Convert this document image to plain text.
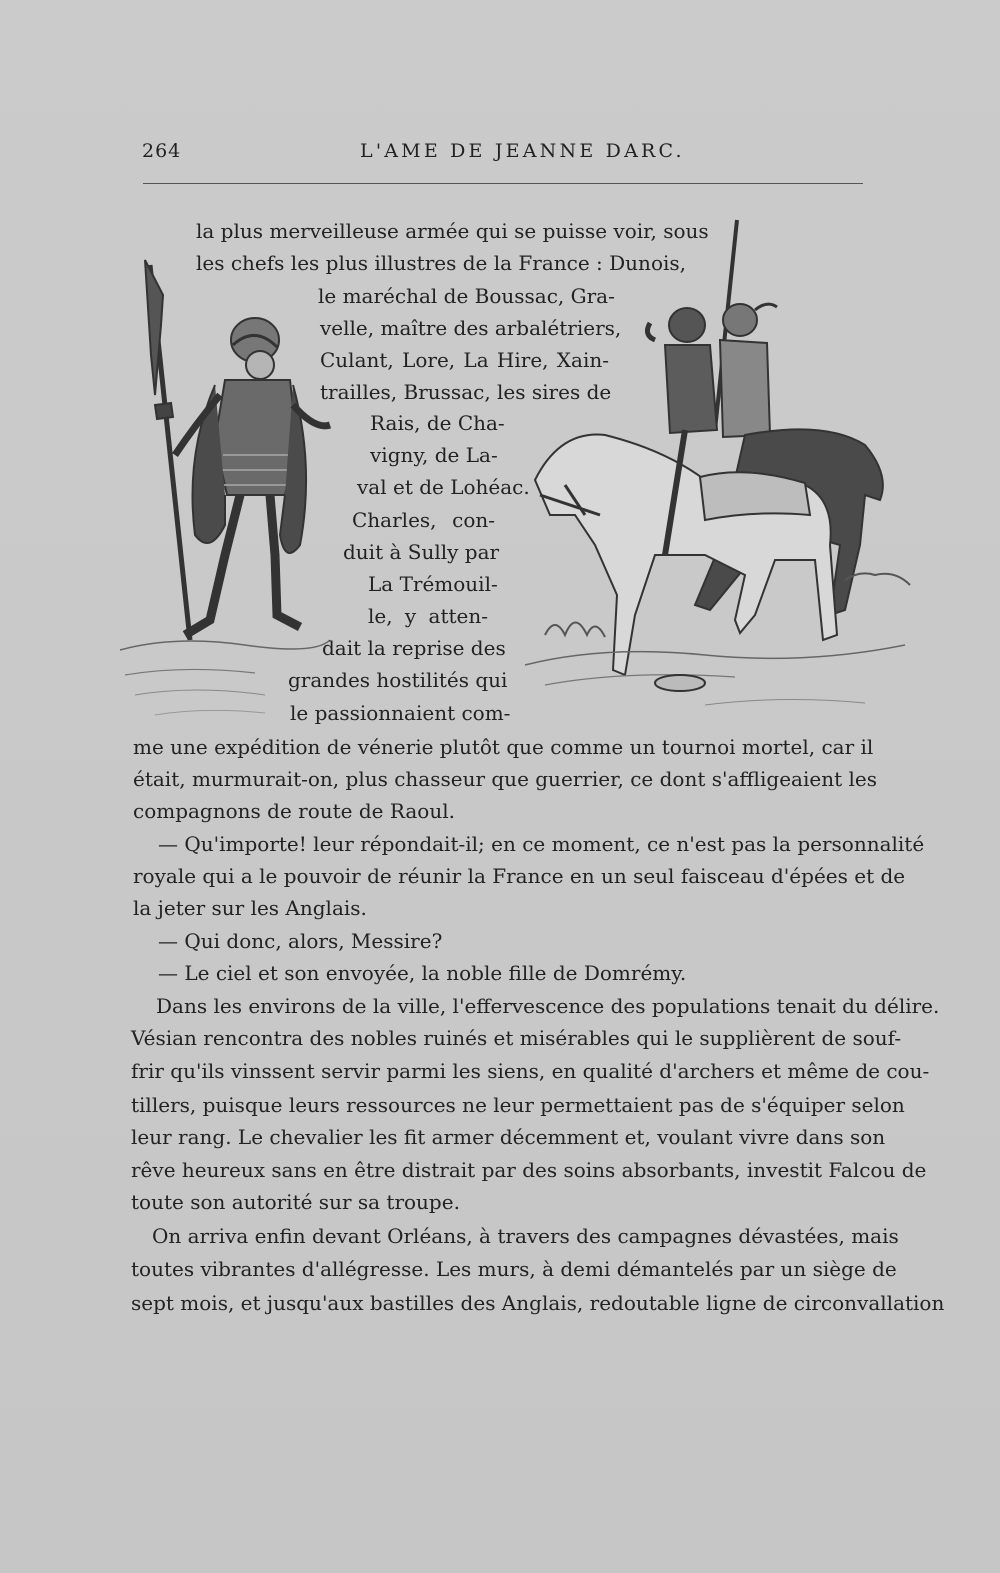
264	L'AME DE JEANNE DARC.
la plus merveilleuse armée qui se puisse voir, sous
les chefs les plus illustres de la France : Dunois,
le maréchal de Boussac, Gra-
velle, maître des arbalétriers,
Culant, Lore, La Hire, Xain-
trailles, Brussac, les sires de
Rais, de Cha-
vigny, de La-
val et de Lohéac.
Charles, con-
duit à Sully par
La Trémouil-
le, y atten-
dait la reprise des
grandes hostilités qui
le passionnaient com-
me une expédition de vénerie plutôt que comme un tournoi mortel, car il
était, murmurait-on, plus chasseur que guerrier, ce dont s'affligeaient les
compagnons de route de Raoul.
— Qu'importe! leur répondait-il; en ce moment, ce n'est pas la personnalité
royale qui a le pouvoir de réunir la France en un seul faisceau d'épées et de
la jeter sur les Anglais.
— Qui donc, alors, Messire?
— Le ciel et son envoyée, la noble fille de Domrémy.
Dans les environs de la ville, l'effervescence des populations tenait du délire.
Vésian rencontra des nobles ruinés et misérables qui le supplièrent de souf-
frir qu'ils vinssent servir parmi les siens, en qualité d'archers et même de cou-
tillers, puisque leurs ressources ne leur permettaient pas de s'équiper selon
leur rang. Le chevalier les fit armer décemment et, voulant vivre dans son
rêve heureux sans en être distrait par des soins absorbants, investit Falcou de
toute son autorité sur sa troupe.
On arriva enfin devant Orléans, à travers des campagnes dévastées, mais
toutes vibrantes d'allégresse. Les murs, à demi démantelés par un siège de
sept mois, et jusqu'aux bastilles des Anglais, redoutable ligne de circonvallation
